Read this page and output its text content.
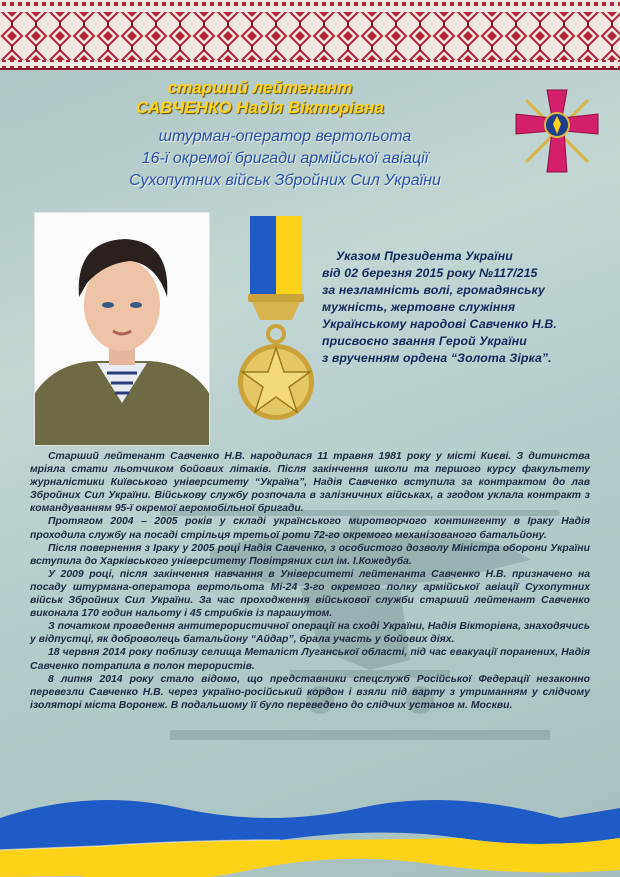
старший лейтенант
САВЧЕНКО Надія Вікторівна
штурман-оператор вертольота
16-ї окремої бригади армійської авіації
Сухопутних військ Збройних Сил України
Указом Президента України
від 02 березня 2015 року №117/215
за незламність волі, громадянську
мужність, жертовне служіння
Українському народові Савченко Н.В.
присвоєно звання Герой України
з врученням ордена “Золота Зірка”.

Старший лейтенант Савченко Н.В. народилася 11 травня 1981 року у місті Києві. З дитинства мріяла стати льотчиком бойових літаків. Після закінчення школи та першого курсу факультету журналістики Київського університету “Україна”, Надія Савченко вступила за контрактом до лав Збройних Сил України. Військову службу розпочала в залізничних військах, а згодом уклала контракт з командуванням 95-ї окремої аеромобільної бригади.

Протягом 2004 – 2005 років у складі українського миротворчого контингенту в Іраку Надія проходила службу на посаді стрільця третьої роти 72-го окремого механізованого батальйону.

Після повернення з Іраку у 2005 році Надія Савченко, з особистого дозволу Міністра оборони України вступила до Харківського університету Повітряних сил ім. І.Кожедуба.

У 2009 році, після закінчення навчання в Університеті лейтенанта Савченко Н.В. призначено на посаду штурмана-оператора вертольота Мі-24 3-го окремого полку армійської авіації Сухопутних військ Збройних Сил України. За час проходження військової служби старший лейтенант Савченко виконала 170 годин нальоту і 45 стрибків із парашутом.

З початком проведення антитерористичної операції на сході України, Надія Вікторівна, знаходячись у відпустці, як доброволець батальйону “Айдар”, брала участь у бойових діях.

18 червня 2014 року поблизу селища Металіст Луганської області, під час евакуації поранених, Надія Савченко потрапила в полон терористів.

8 липня 2014 року стало відомо, що представники спецслужб Російської Федерації незаконно перевезли Савченко Н.В. через україно-російський кордон і взяли під варту з утриманням у слідчому ізоляторі міста Воронеж. В подальшому її було переведено до слідчих установ м. Москви.
